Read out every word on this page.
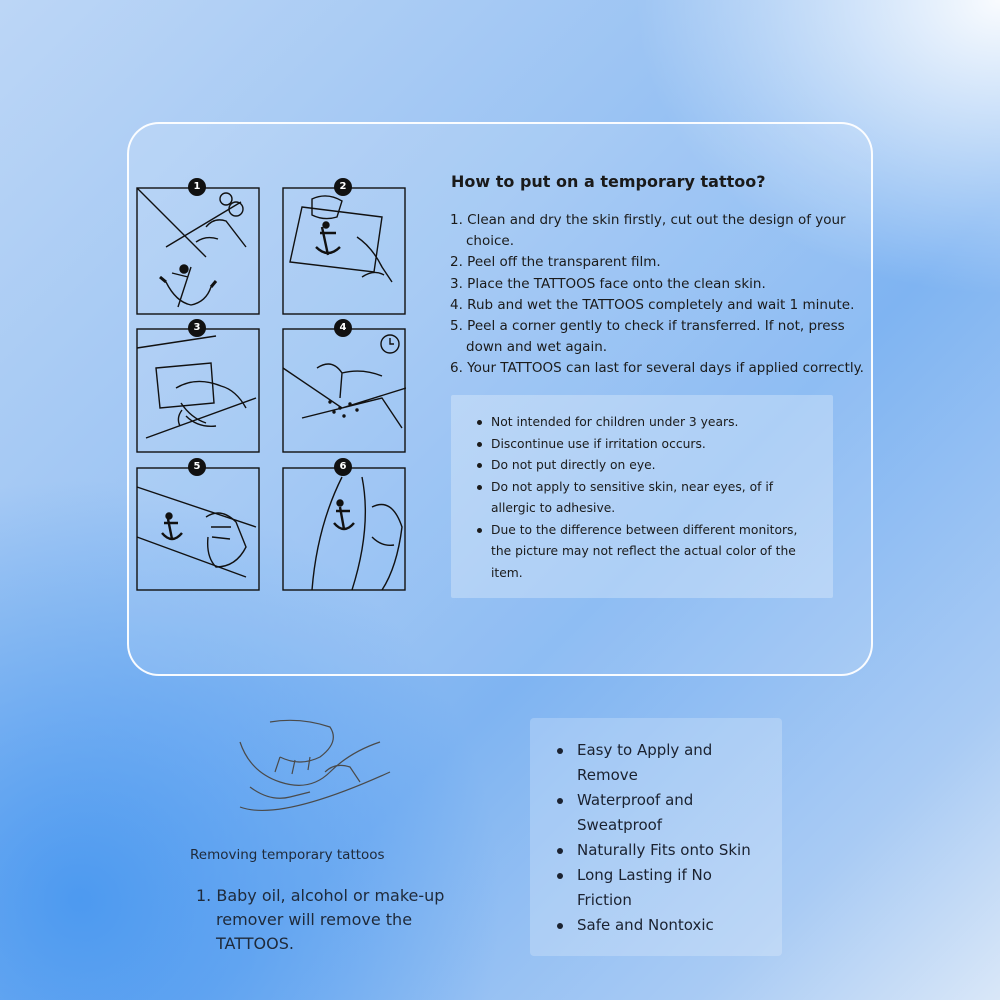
1	2
3	4
5	6
How to put on a temporary tattoo?
1. Clean and dry the skin firstly, cut out the design of your choice.
2. Peel off the transparent film.
3. Place the TATTOOS face onto the clean skin.
4. Rub and wet the TATTOOS completely and wait 1 minute.
5. Peel a corner gently to check if transferred. If not, press down and wet again.
6. Your TATTOOS can last for several days if applied correctly.
Not intended for children under 3 years.
Discontinue use if irritation occurs.
Do not put directly on eye.
Do not apply to sensitive skin, near eyes, of if allergic to adhesive.
Due to the difference between different monitors, the picture may not reflect the actual color of the item.
Removing temporary tattoos
1. Baby oil, alcohol or make-up remover will remove the TATTOOS.
Easy to Apply and Remove
Waterproof and Sweatproof
Naturally Fits onto Skin
Long Lasting if No Friction
Safe and Nontoxic
